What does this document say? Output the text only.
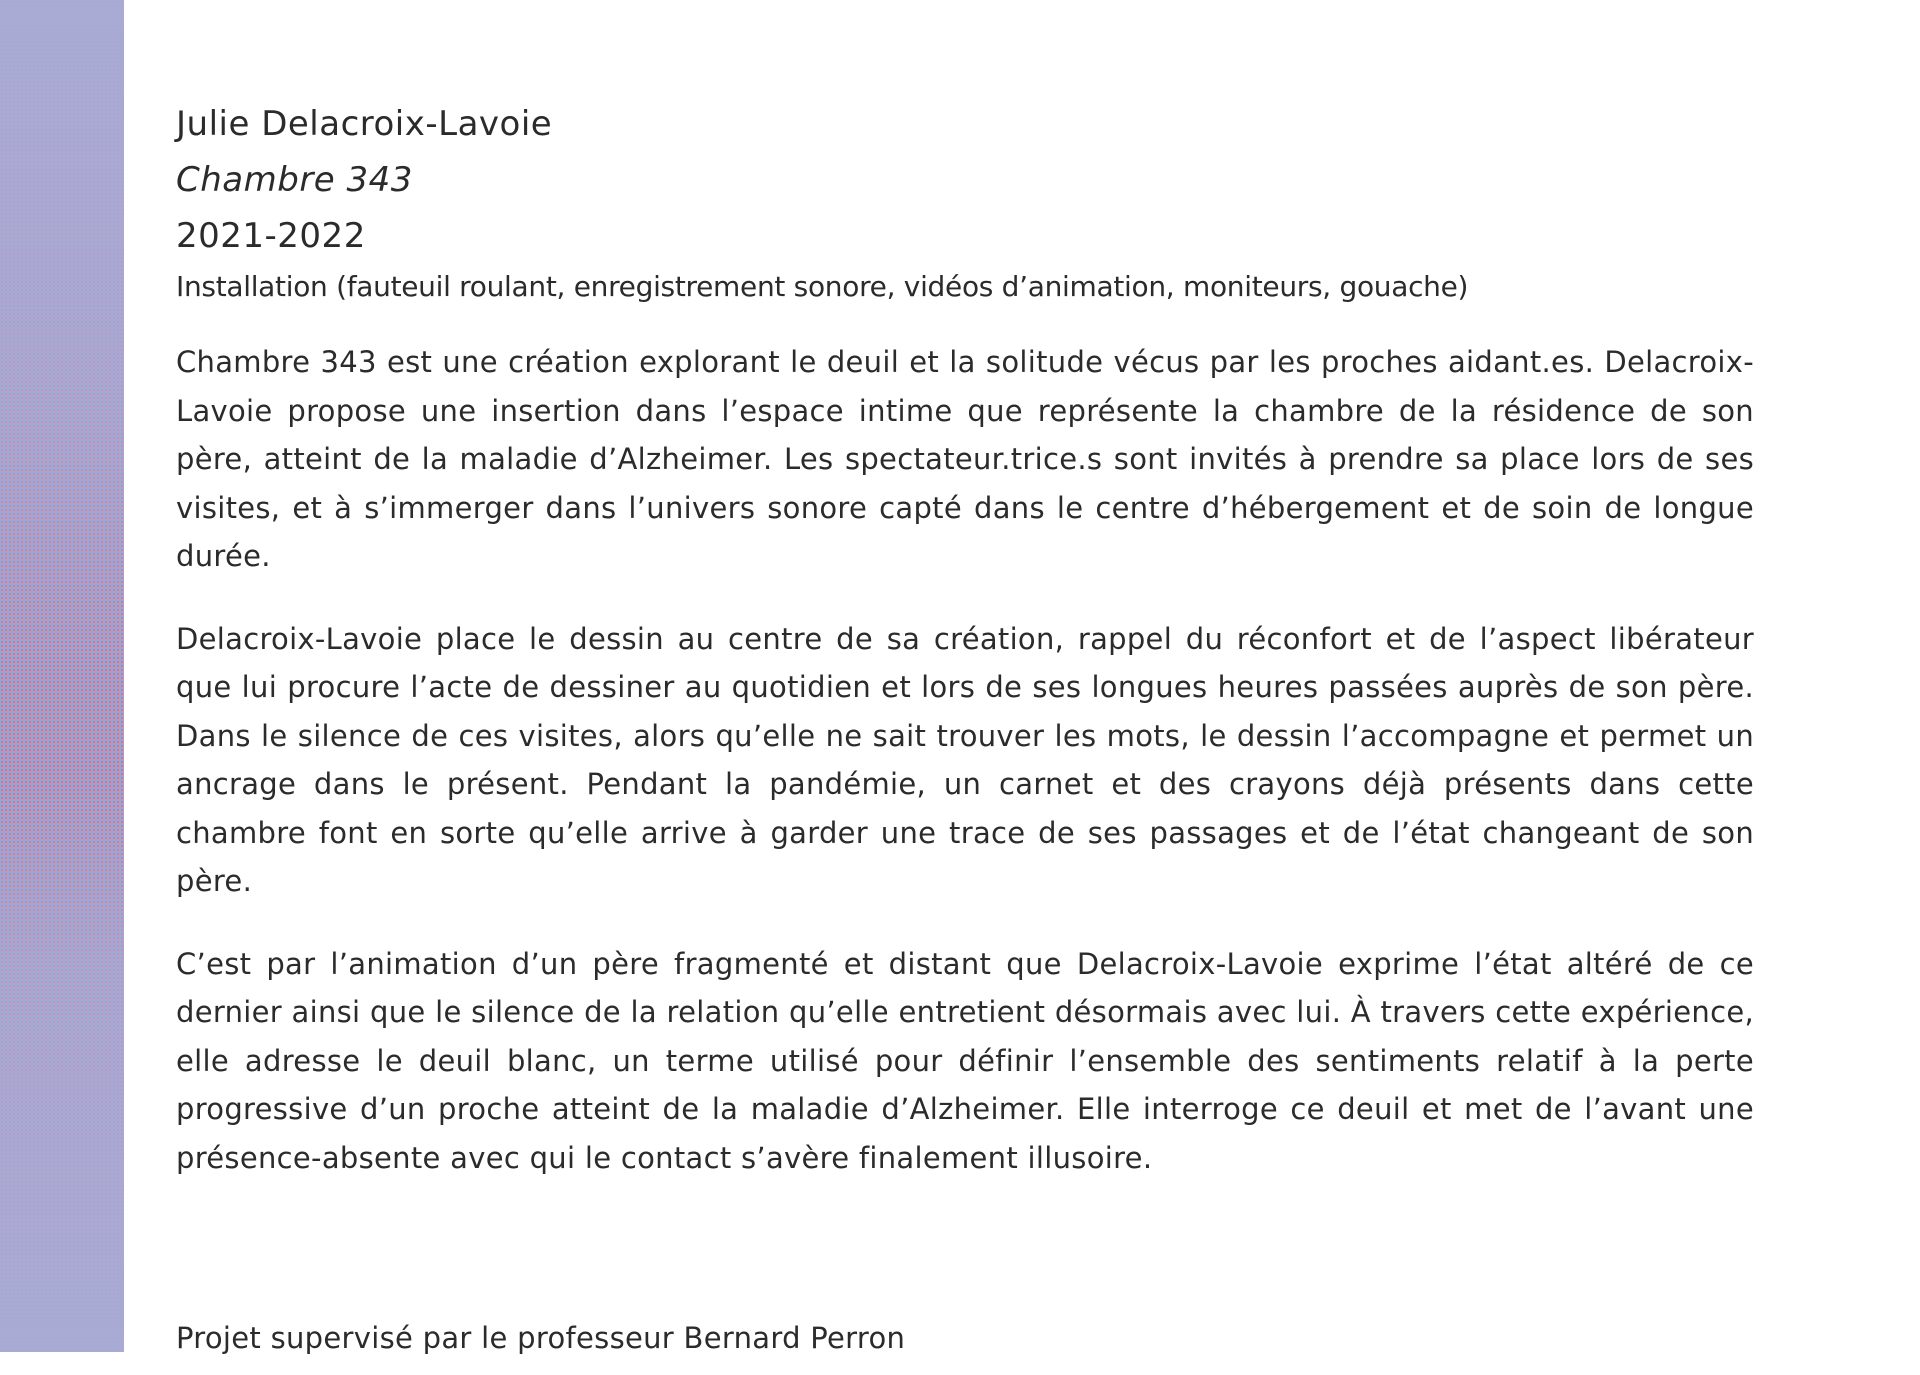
Julie Delacroix-Lavoie

Chambre 343

2021-2022

Installation (fauteuil roulant, enregistrement sonore, vidéos d’animation, moniteurs, gouache)

Chambre 343 est une création explorant le deuil et la solitude vécus par les proches aidant.es. Delacroix-Lavoie propose une insertion dans l’espace intime que représente la chambre de la résidence de son père, atteint de la maladie d’Alzheimer. Les spectateur.trice.s sont invités à prendre sa place lors de ses visites, et à s’immerger dans l’univers sonore capté dans le centre d’hébergement et de soin de longue durée.

Delacroix-Lavoie place le dessin au centre de sa création, rappel du réconfort et de l’aspect libérateur que lui procure l’acte de dessiner au quotidien et lors de ses longues heures passées auprès de son père. Dans le silence de ces visites, alors qu’elle ne sait trouver les mots, le dessin l’accompagne et permet un ancrage dans le présent. Pendant la pandémie, un carnet et des crayons déjà présents dans cette chambre font en sorte qu’elle arrive à garder une trace de ses passages et de l’état changeant de son père.

C’est par l’animation d’un père fragmenté et distant que Delacroix-Lavoie exprime l’état altéré de ce dernier ainsi que le silence de la relation qu’elle entretient désormais avec lui. À travers cette expérience, elle adresse le deuil blanc, un terme utilisé pour définir l’ensemble des sentiments relatif à la perte progressive d’un proche atteint de la maladie d’Alzheimer. Elle interroge ce deuil et met de l’avant une présence-absente avec qui le contact s’avère finalement illusoire.

Projet supervisé par le professeur Bernard Perron
